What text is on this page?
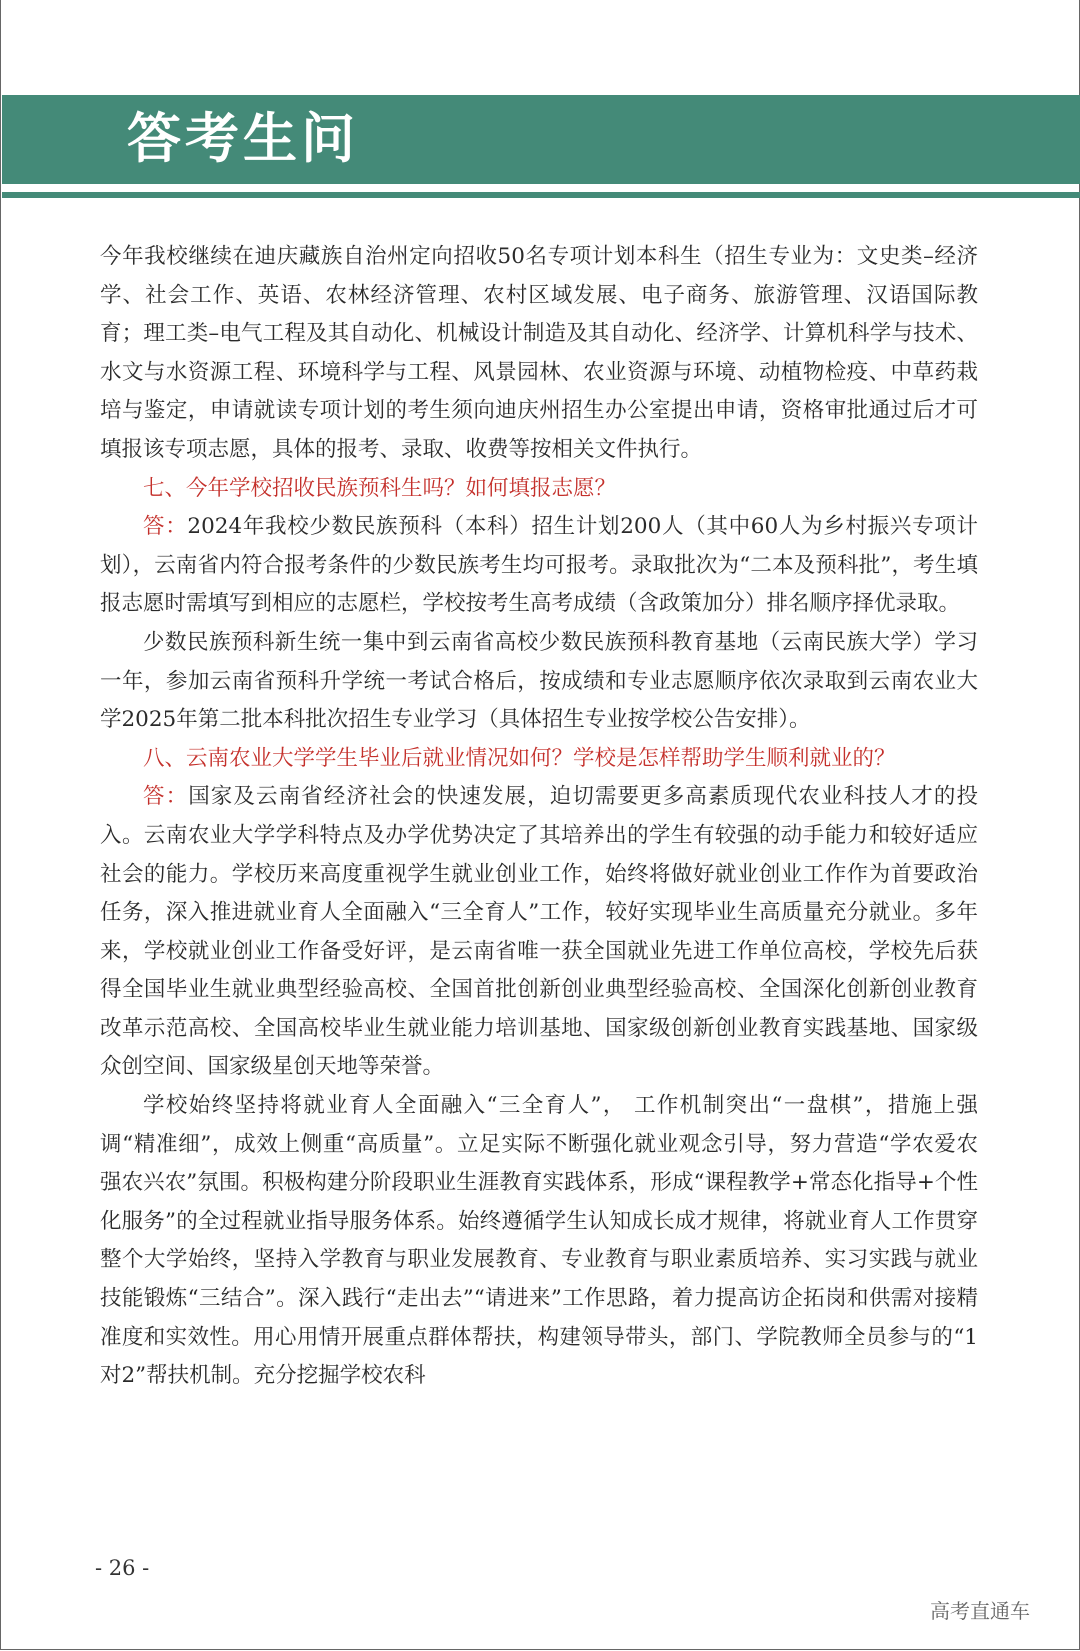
答考生问

今年我校继续在迪庆藏族自治州定向招收50名专项计划本科生（招生专业为：文史类–经济学、社会工作、英语、农林经济管理、农村区域发展、电子商务、旅游管理、汉语国际教育；理工类–电气工程及其自动化、机械设计制造及其自动化、经济学、计算机科学与技术、水文与水资源工程、环境科学与工程、风景园林、农业资源与环境、动植物检疫、中草药栽培与鉴定，申请就读专项计划的考生须向迪庆州招生办公室提出申请，资格审批通过后才可填报该专项志愿，具体的报考、录取、收费等按相关文件执行。

七、今年学校招收民族预科生吗？如何填报志愿？

答：2024年我校少数民族预科（本科）招生计划200人（其中60人为乡村振兴专项计划），云南省内符合报考条件的少数民族考生均可报考。录取批次为“二本及预科批”，考生填报志愿时需填写到相应的志愿栏，学校按考生高考成绩（含政策加分）排名顺序择优录取。

少数民族预科新生统一集中到云南省高校少数民族预科教育基地（云南民族大学）学习一年，参加云南省预科升学统一考试合格后，按成绩和专业志愿顺序依次录取到云南农业大学2025年第二批本科批次招生专业学习（具体招生专业按学校公告安排）。

八、云南农业大学学生毕业后就业情况如何？学校是怎样帮助学生顺利就业的？

答：国家及云南省经济社会的快速发展，迫切需要更多高素质现代农业科技人才的投入。云南农业大学学科特点及办学优势决定了其培养出的学生有较强的动手能力和较好适应社会的能力。学校历来高度重视学生就业创业工作，始终将做好就业创业工作作为首要政治任务，深入推进就业育人全面融入“三全育人”工作，较好实现毕业生高质量充分就业。多年来，学校就业创业工作备受好评，是云南省唯一获全国就业先进工作单位高校，学校先后获得全国毕业生就业典型经验高校、全国首批创新创业典型经验高校、全国深化创新创业教育改革示范高校、全国高校毕业生就业能力培训基地、国家级创新创业教育实践基地、国家级众创空间、国家级星创天地等荣誉。

学校始终坚持将就业育人全面融入“三全育人”， 工作机制突出“一盘棋”，措施上强调“精准细”，成效上侧重“高质量”。立足实际不断强化就业观念引导，努力营造“学农爱农 强农兴农”氛围。积极构建分阶段职业生涯教育实践体系，形成“课程教学+常态化指导+个性化服务”的全过程就业指导服务体系。始终遵循学生认知成长成才规律，将就业育人工作贯穿整个大学始终，坚持入学教育与职业发展教育、专业教育与职业素质培养、实习实践与就业技能锻炼“三结合”。深入践行“走出去”“请进来”工作思路，着力提高访企拓岗和供需对接精准度和实效性。用心用情开展重点群体帮扶，构建领导带头，部门、学院教师全员参与的“1对2”帮扶机制。充分挖掘学校农科

- 26 -
高考直通车
